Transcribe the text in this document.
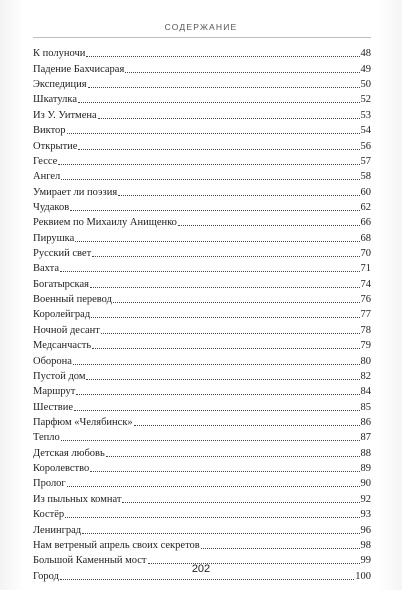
СОДЕРЖАНИЕ
К полуночи	48
Падение Бахчисарая	49
Экспедиция	50
Шкатулка	52
Из У. Уитмена	53
Виктор	54
Открытие	56
Гессе	57
Ангел	58
Умирает ли поэзия	60
Чудаков	62
Реквием по Михаилу Анищенко	66
Пирушка	68
Русский свет	70
Вахта	71
Богатырская	74
Военный перевод	76
Королейград	77
Ночной десант	78
Медсанчасть	79
Оборона	80
Пустой дом	82
Маршрут	84
Шествие	85
Парфюм «Челябинск»	86
Тепло	87
Детская любовь	88
Королевство	89
Пролог	90
Из пыльных комнат	92
Костёр	93
Ленинград	96
Нам ветреный апрель своих секретов	98
Большой Каменный мост	99
Город	100
202
